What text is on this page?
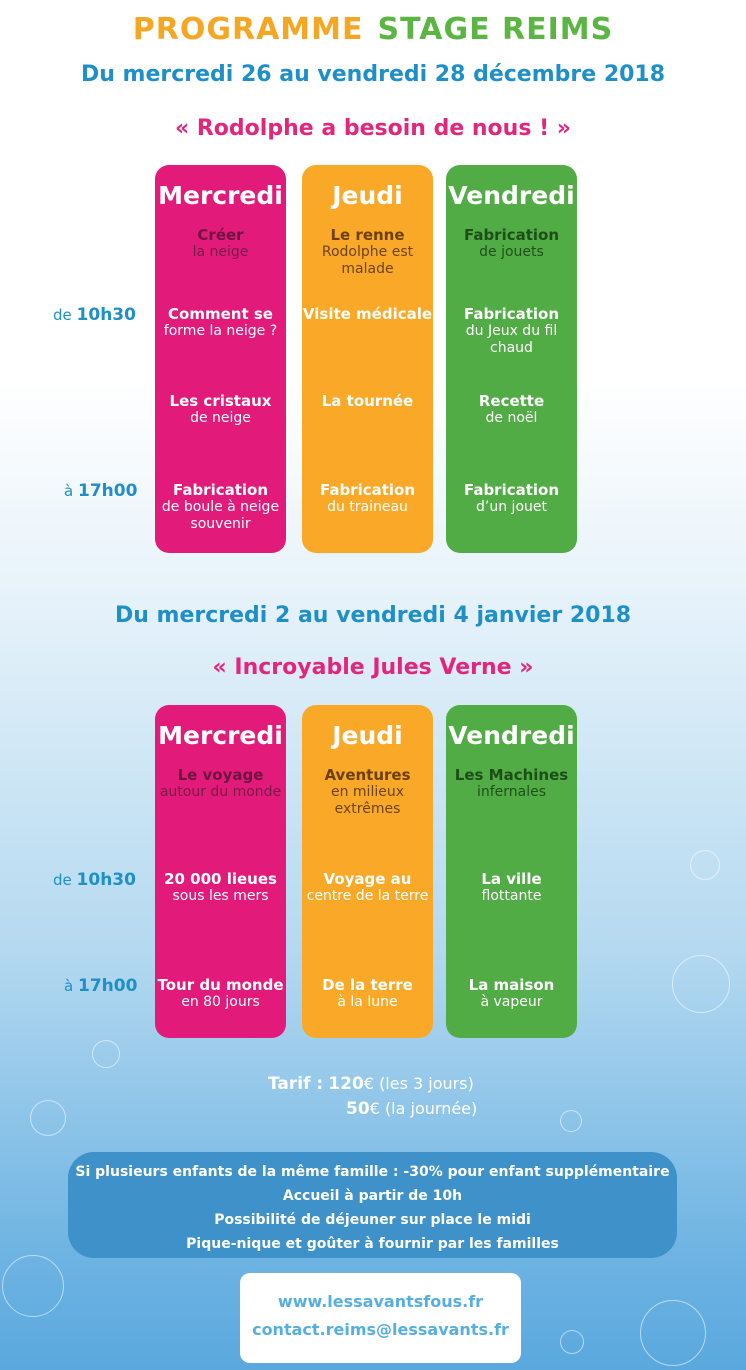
PROGRAMME STAGE REIMS
Du mercredi 26 au vendredi 28 décembre 2018
« Rodolphe a besoin de nous ! »
de 10h30
à 17h00
Mercredi
Créer
la neige
Comment se
forme la neige ?
Les cristaux
de neige
Fabrication
de boule à neige souvenir
Jeudi
Le renne
Rodolphe est malade
Visite médicale
La tournée
Fabrication
du traineau
Vendredi
Fabrication
de jouets
Fabrication
du Jeux du fil chaud
Recette
de noël
Fabrication
d’un jouet
Du mercredi 2 au vendredi 4 janvier 2018
« Incroyable Jules Verne »
de 10h30
à 17h00
Mercredi
Le voyage
autour du monde
20 000 lieues
sous les mers
Tour du monde
en 80 jours
Jeudi
Aventures
en milieux extrêmes
Voyage au
centre de la terre
De la terre
à la lune
Vendredi
Les Machines
infernales
La ville
flottante
La maison
à vapeur
Tarif : 120€ (les 3 jours)
50€ (la journée)
Si plusieurs enfants de la même famille : -30% pour enfant supplémentaire
Accueil à partir de 10h
Possibilité de déjeuner sur place le midi
Pique-nique et goûter à fournir par les familles
www.lessavantsfous.fr
contact.reims@lessavants.fr
